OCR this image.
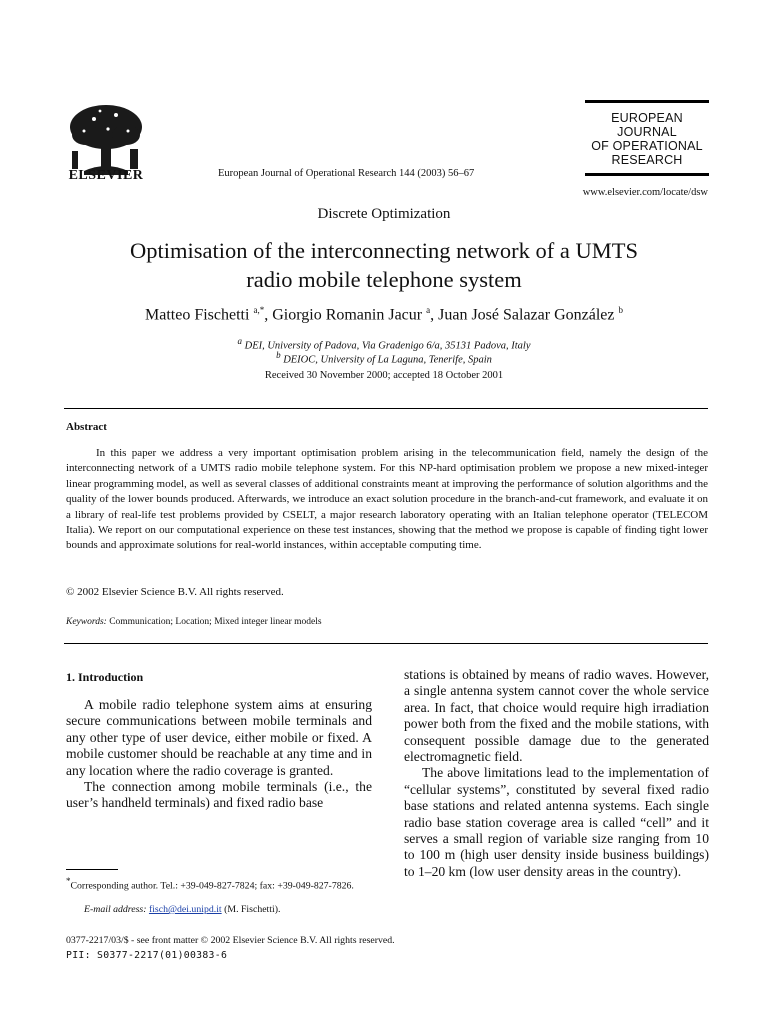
ELSEVIER	European Journal of Operational Research 144 (2003) 56–67
EUROPEAN
JOURNAL
OF OPERATIONAL
RESEARCH
www.elsevier.com/locate/dsw
Discrete Optimization
Optimisation of the interconnecting network of a UMTS
radio mobile telephone system
Matteo Fischetti $^{a,*}$, Giorgio Romanin Jacur $^a$, Juan José Salazar González $^b$
$^a$ DEI, University of Padova, Via Gradenigo 6/a, 35131 Padova, Italy
$^b$ DEIOC, University of La Laguna, Tenerife, Spain
Received 30 November 2000; accepted 18 October 2001
Abstract
In this paper we address a very important optimisation problem arising in the telecommunication field, namely the design of the interconnecting network of a UMTS radio mobile telephone system. For this NP-hard optimisation problem we propose a new mixed-integer linear programming model, as well as several classes of additional constraints meant at improving the performance of solution algorithms and the quality of the lower bounds produced. Afterwards, we introduce an exact solution procedure in the branch-and-cut framework, and evaluate it on a library of real-life test problems provided by CSELT, a major research laboratory operating with an Italian telephone operator (TELECOM Italia). We report on our computational experience on these test instances, showing that the method we propose is capable of finding tight lower bounds and approximate solutions for real-world instances, within acceptable computing time.
© 2002 Elsevier Science B.V. All rights reserved.
Keywords: Communication; Location; Mixed integer linear models
1. Introduction
A mobile radio telephone system aims at ensuring secure communications between mobile terminals and any other type of user device, either mobile or fixed. A mobile customer should be reachable at any time and in any location where the radio coverage is granted.
The connection among mobile terminals (i.e., the user’s handheld terminals) and fixed radio base
stations is obtained by means of radio waves. However, a single antenna system cannot cover the whole service area. In fact, that choice would require high irradiation power both from the fixed and the mobile stations, with consequent possible damage due to the generated electromagnetic field.
The above limitations lead to the implementation of “cellular systems”, constituted by several fixed radio base stations and related antenna systems. Each single radio base station coverage area is called “cell” and it serves a small region of variable size ranging from 10 to 100 m (high user density inside business buildings) to 1–20 km (low user density areas in the country).
*Corresponding author. Tel.: +39-049-827-7824; fax: +39-049-827-7826.
E-mail address: fisch@dei.unipd.it (M. Fischetti).
0377-2217/03/$ - see front matter © 2002 Elsevier Science B.V. All rights reserved.
PII: S0377-2217(01)00383-6
